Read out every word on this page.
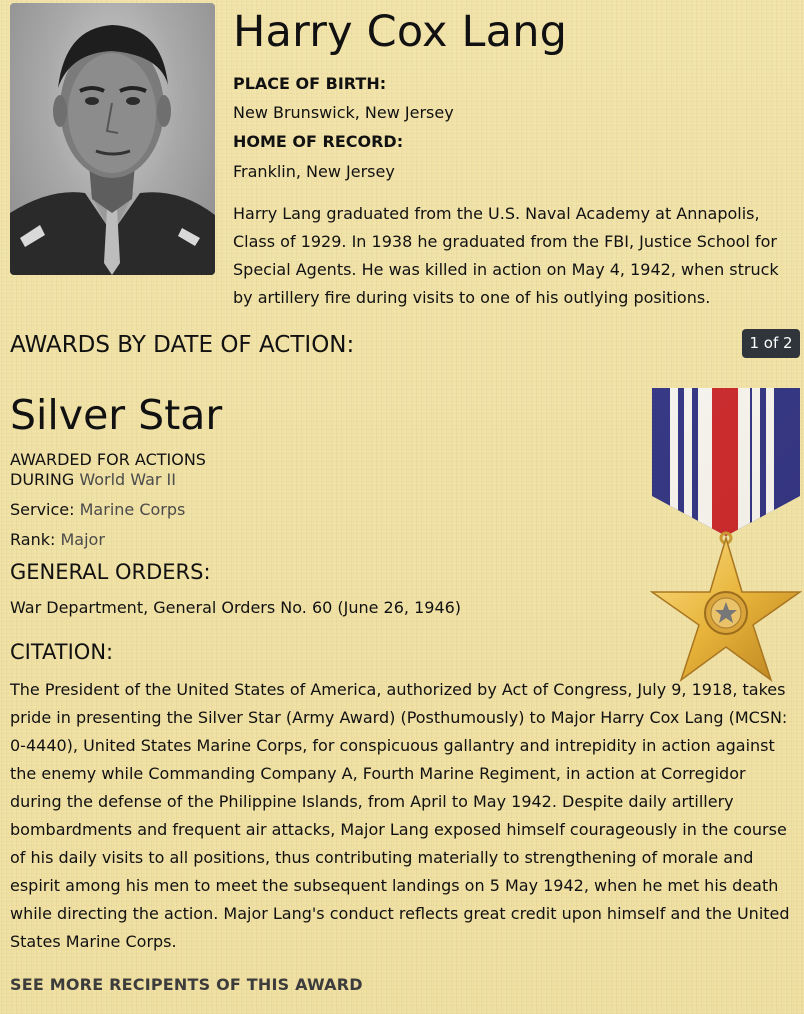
Harry Cox Lang
PLACE OF BIRTH:
New Brunswick, New Jersey
HOME OF RECORD:
Franklin, New Jersey

Harry Lang graduated from the U.S. Naval Academy at Annapolis, Class of 1929. In 1938 he graduated from the FBI, Justice School for Special Agents. He was killed in action on May 4, 1942, when struck by artillery fire during visits to one of his outlying positions.

AWARDS BY DATE OF ACTION:	1 of 2
Silver Star
AWARDED FOR ACTIONS
DURING World War II
Service: Marine Corps
Rank: Major
GENERAL ORDERS:
War Department, General Orders No. 60 (June 26, 1946)
CITATION:

The President of the United States of America, authorized by Act of Congress, July 9, 1918, takes pride in presenting the Silver Star (Army Award) (Posthumously) to Major Harry Cox Lang (MCSN: 0-4440), United States Marine Corps, for conspicuous gallantry and intrepidity in action against the enemy while Commanding Company A, Fourth Marine Regiment, in action at Corregidor during the defense of the Philippine Islands, from April to May 1942. Despite daily artillery bombardments and frequent air attacks, Major Lang exposed himself courageously in the course of his daily visits to all positions, thus contributing materially to strengthening of morale and espirit among his men to meet the subsequent landings on 5 May 1942, when he met his death while directing the action. Major Lang's conduct reflects great credit upon himself and the United States Marine Corps.

SEE MORE RECIPENTS OF THIS AWARD
